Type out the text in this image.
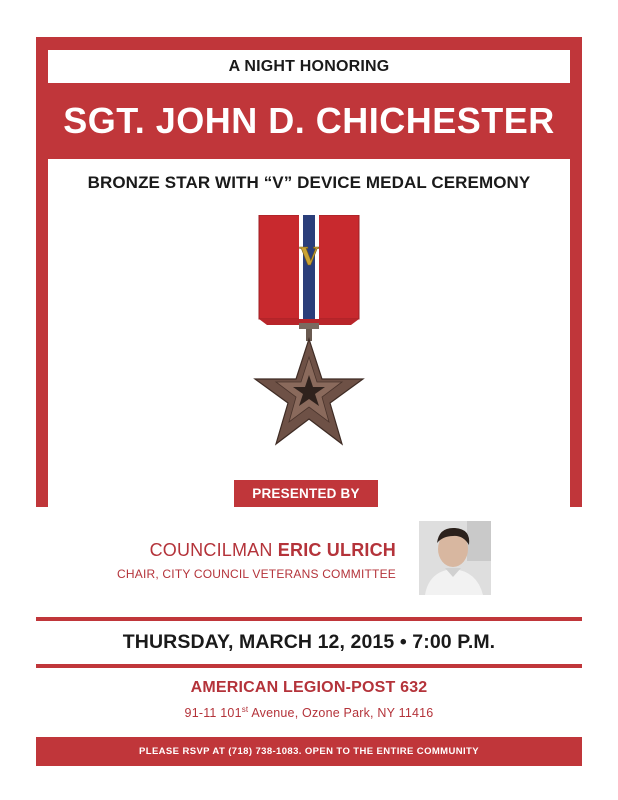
A NIGHT HONORING
SGT. JOHN D. CHICHESTER
BRONZE STAR WITH “V” DEVICE MEDAL CEREMONY
V
PRESENTED BY
COUNCILMAN ERIC ULRICH
CHAIR, CITY COUNCIL VETERANS COMMITTEE
THURSDAY, MARCH 12, 2015 • 7:00 P.M.
AMERICAN LEGION-POST 632
91-11 101st Avenue, Ozone Park, NY 11416
PLEASE RSVP AT (718) 738-1083. OPEN TO THE ENTIRE COMMUNITY
